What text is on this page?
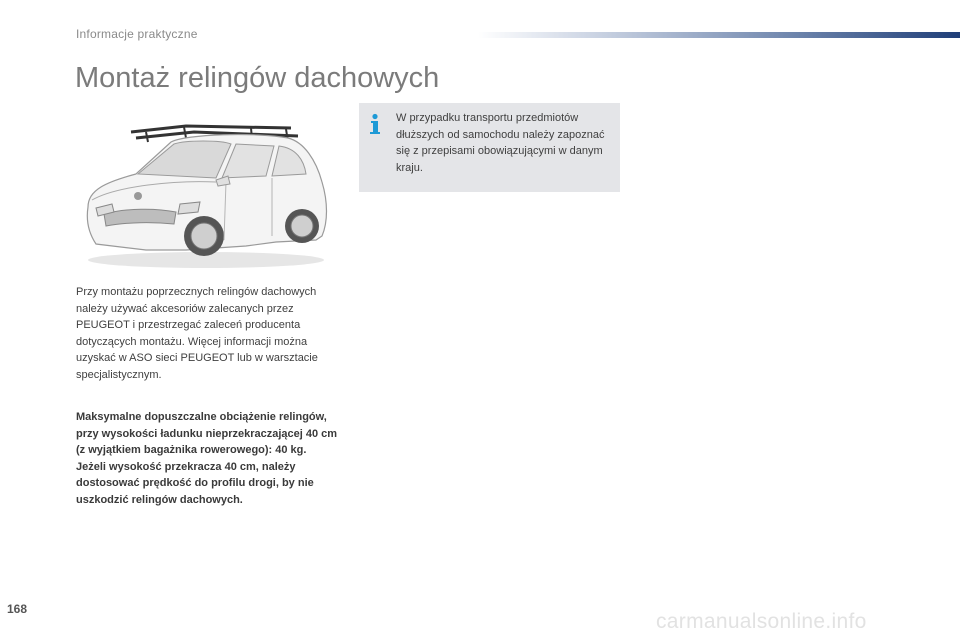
Informacje praktyczne
Montaż relingów dachowych
W przypadku transportu przedmiotów dłuższych od samochodu należy zapoznać się z przepisami obowiązującymi w danym kraju.

Przy montażu poprzecznych relingów dachowych należy używać akcesoriów zalecanych przez PEUGEOT i przestrzegać zaleceń producenta dotyczących montażu. Więcej informacji można uzyskać w ASO sieci PEUGEOT lub w warsztacie specjalistycznym.

Maksymalne dopuszczalne obciążenie relingów, przy wysokości ładunku nieprzekraczającej 40 cm (z wyjątkiem bagażnika rowerowego): 40 kg. Jeżeli wysokość przekracza 40 cm, należy dostosować prędkość do profilu drogi, by nie uszkodzić relingów dachowych.

168
carmanualsonline.info
